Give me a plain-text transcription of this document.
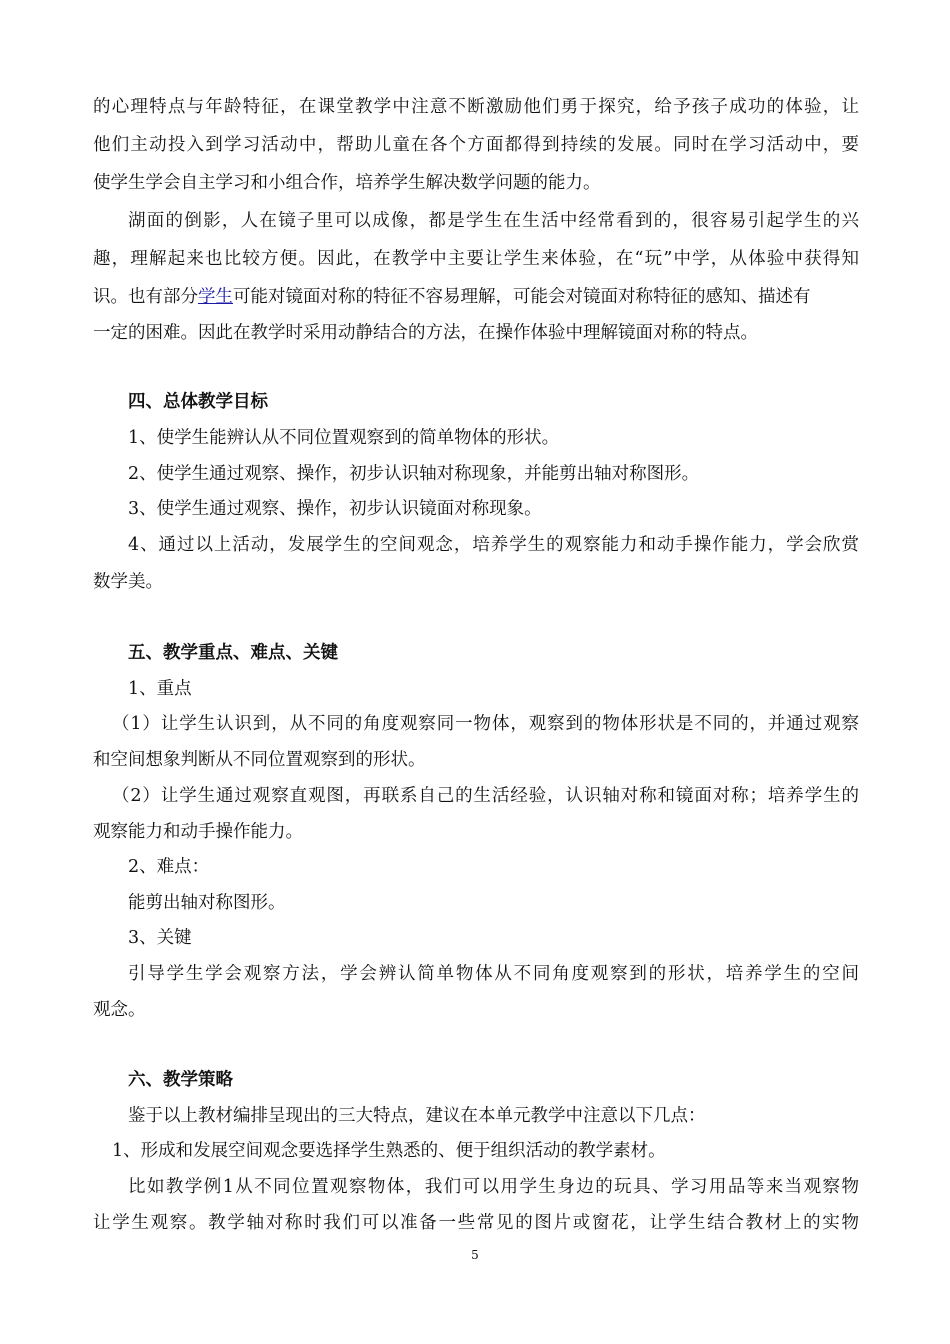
的心理特点与年龄特征，在课堂教学中注意不断激励他们勇于探究，给予孩子成功的体验，让
他们主动投入到学习活动中，帮助儿童在各个方面都得到持续的发展。同时在学习活动中，要
使学生学会自主学习和小组合作，培养学生解决数学问题的能力。
湖面的倒影，人在镜子里可以成像，都是学生在生活中经常看到的，很容易引起学生的兴
趣，理解起来也比较方便。因此，在教学中主要让学生来体验，在“玩”中学，从体验中获得知
识。也有部分学生可能对镜面对称的特征不容易理解，可能会对镜面对称特征的感知、描述有
一定的困难。因此在教学时采用动静结合的方法，在操作体验中理解镜面对称的特点。
四、总体教学目标
1、使学生能辨认从不同位置观察到的简单物体的形状。
2、使学生通过观察、操作，初步认识轴对称现象，并能剪出轴对称图形。
3、使学生通过观察、操作，初步认识镜面对称现象。
4、通过以上活动，发展学生的空间观念，培养学生的观察能力和动手操作能力，学会欣赏
数学美。
五、教学重点、难点、关键
1、重点
（1）让学生认识到，从不同的角度观察同一物体，观察到的物体形状是不同的，并通过观察
和空间想象判断从不同位置观察到的形状。
（2）让学生通过观察直观图，再联系自己的生活经验，认识轴对称和镜面对称；培养学生的
观察能力和动手操作能力。
2、难点：
能剪出轴对称图形。
3、关键
引导学生学会观察方法，学会辨认简单物体从不同角度观察到的形状，培养学生的空间
观念。
六、教学策略
鉴于以上教材编排呈现出的三大特点，建议在本单元教学中注意以下几点：
1、形成和发展空间观念要选择学生熟悉的、便于组织活动的教学素材。
比如教学例1从不同位置观察物体，我们可以用学生身边的玩具、学习用品等来当观察物
让学生观察。教学轴对称时我们可以准备一些常见的图片或窗花，让学生结合教材上的实物
5
